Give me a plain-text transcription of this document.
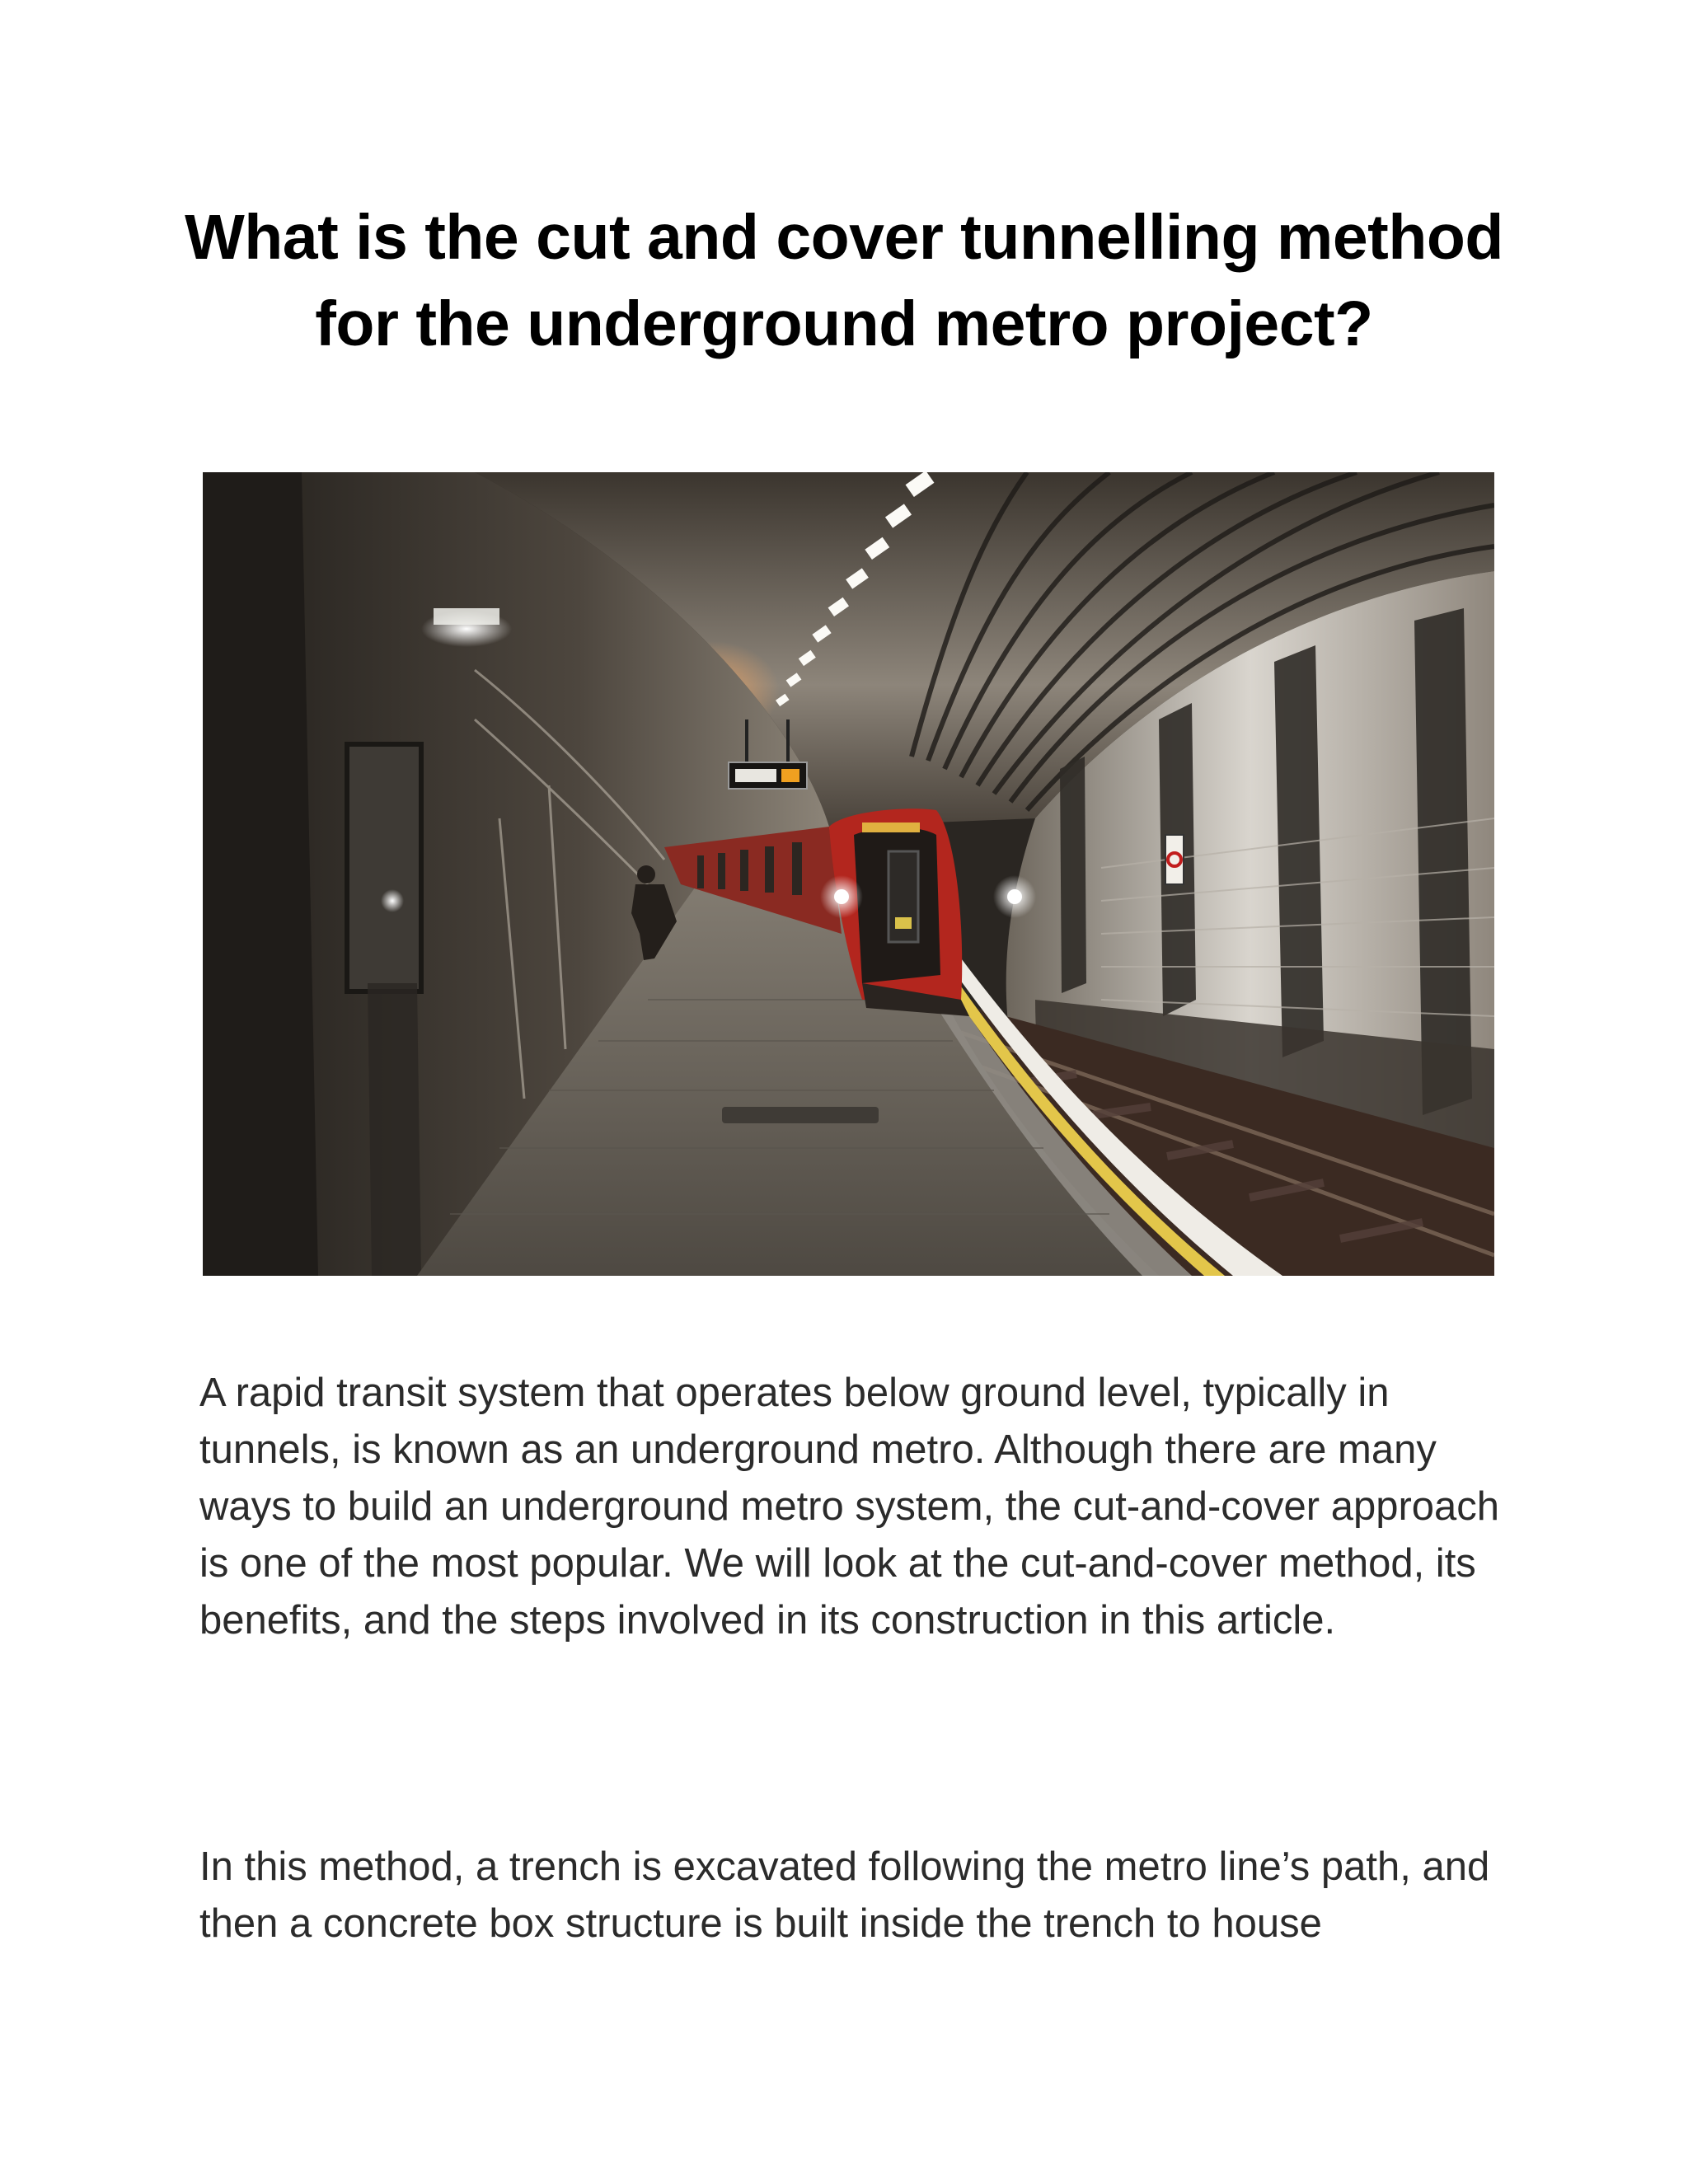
What is the cut and cover tunnelling method for the underground metro project?

A rapid transit system that operates below ground level, typically in tunnels, is known as an underground metro. Although there are many ways to build an underground metro system, the cut-and-cover approach is one of the most popular. We will look at the cut-and-cover method, its benefits, and the steps involved in its construction in this article.

In this method, a trench is excavated following the metro line’s path, and then a concrete box structure is built inside the trench to house
